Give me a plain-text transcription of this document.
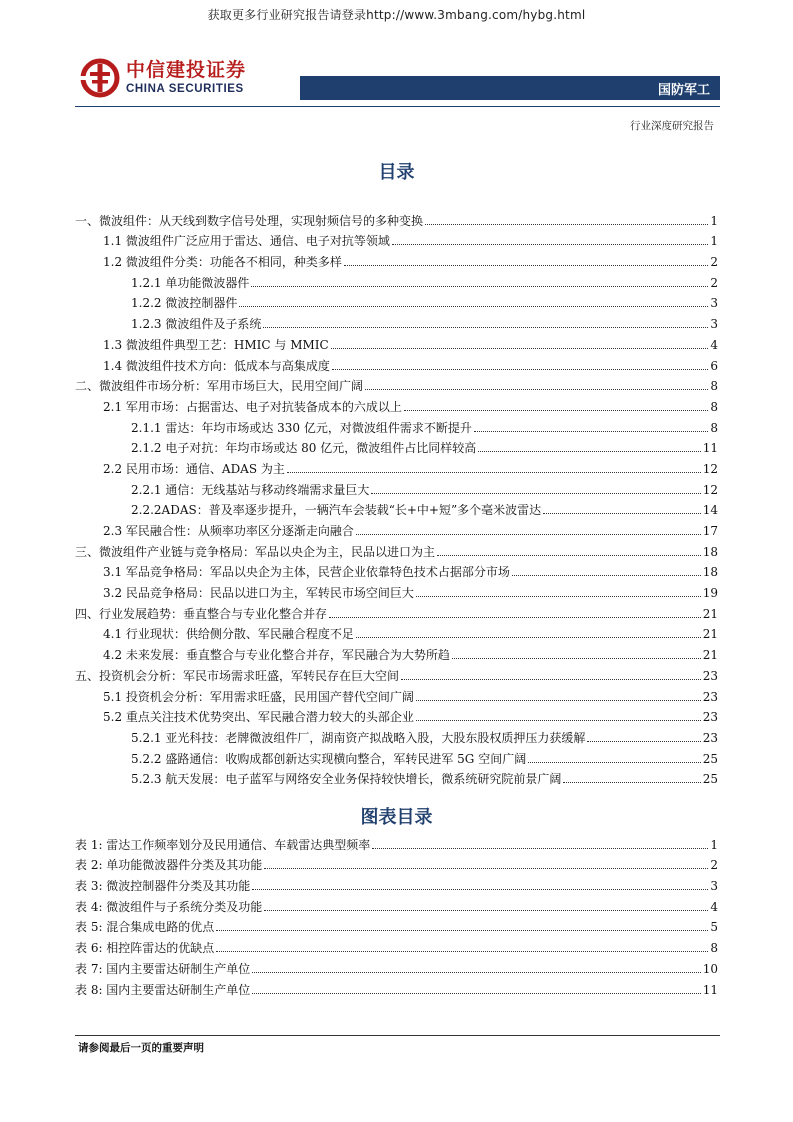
获取更多行业研究报告请登录http://www.3mbang.com/hybg.html
中信建投证券
CHINA SECURITIES	国防军工
行业深度研究报告
目录
一、微波组件：从天线到数字信号处理，实现射频信号的多种变换	1
1.1 微波组件广泛应用于雷达、通信、电子对抗等领域	1
1.2 微波组件分类：功能各不相同，种类多样	2
1.2.1 单功能微波器件	2
1.2.2 微波控制器件	3
1.2.3 微波组件及子系统	3
1.3 微波组件典型工艺：HMIC 与 MMIC	4
1.4 微波组件技术方向：低成本与高集成度	6
二、微波组件市场分析：军用市场巨大，民用空间广阔	8
2.1 军用市场：占据雷达、电子对抗装备成本的六成以上	8
2.1.1 雷达：年均市场或达 330 亿元，对微波组件需求不断提升	8
2.1.2 电子对抗：年均市场或达 80 亿元，微波组件占比同样较高	11
2.2 民用市场：通信、ADAS 为主	12
2.2.1 通信：无线基站与移动终端需求量巨大	12
2.2.2ADAS：普及率逐步提升，一辆汽车会装载“长+中+短”多个毫米波雷达	14
2.3 军民融合性：从频率功率区分逐渐走向融合	17
三、微波组件产业链与竞争格局：军品以央企为主，民品以进口为主	18
3.1 军品竞争格局：军品以央企为主体，民营企业依靠特色技术占据部分市场	18
3.2 民品竞争格局：民品以进口为主，军转民市场空间巨大	19
四、行业发展趋势：垂直整合与专业化整合并存	21
4.1 行业现状：供给侧分散、军民融合程度不足	21
4.2 未来发展：垂直整合与专业化整合并存，军民融合为大势所趋	21
五、投资机会分析：军民市场需求旺盛，军转民存在巨大空间	23
5.1 投资机会分析：军用需求旺盛，民用国产替代空间广阔	23
5.2 重点关注技术优势突出、军民融合潜力较大的头部企业	23
5.2.1 亚光科技：老牌微波组件厂，湖南资产拟战略入股，大股东股权质押压力获缓解	23
5.2.2 盛路通信：收购成都创新达实现横向整合，军转民进军 5G 空间广阔	25
5.2.3 航天发展：电子蓝军与网络安全业务保持较快增长，微系统研究院前景广阔	25
图表目录
表 1: 雷达工作频率划分及民用通信、车载雷达典型频率	1
表 2: 单功能微波器件分类及其功能	2
表 3: 微波控制器件分类及其功能	3
表 4: 微波组件与子系统分类及功能	4
表 5: 混合集成电路的优点	5
表 6: 相控阵雷达的优缺点	8
表 7: 国内主要雷达研制生产单位	10
表 8: 国内主要雷达研制生产单位	11
请参阅最后一页的重要声明
